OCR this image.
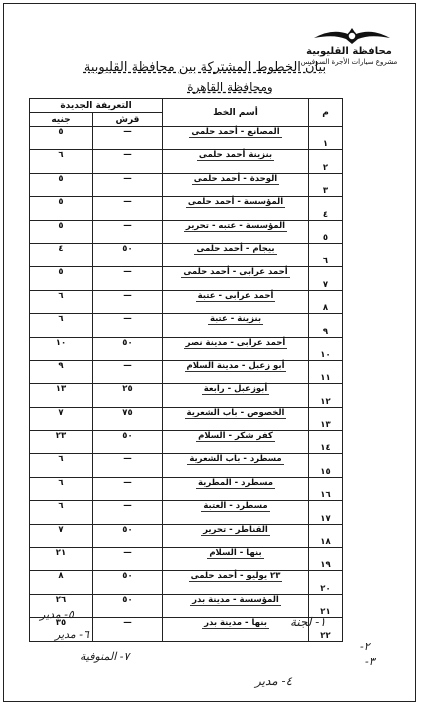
محافظة القليوبية
مشروع سيارات الأجرة السرفيس
بيان الخطوط المشتركة بين محافظة القليوبية
ومحافظة القاهرة
م	أسم الخط	التعريفة الجديدة	
		قرش	جنيه
١	المصانع - أحمد حلمى	—	٥
٢	بنزينة أحمد حلمى	—	٦
٣	الوحدة - أحمد حلمى	—	٥
٤	المؤسسة - أحمد حلمى	—	٥
٥	المؤسسة - عتبه - تحرير	—	٥
٦	بيجام - أحمد حلمى	٥٠	٤
٧	أحمد عرابى - أحمد حلمى	—	٥
٨	أحمد عرابى - عتبة	—	٦
٩	بنزينة - عتبة	—	٦
١٠	أحمد عرابى - مدينة نصر	٥٠	١٠
١١	أبو زعبل - مدينة السلام	—	٩
١٢	أبوزعبل - رابعة	٢٥	١٣
١٣	الخصوص - باب الشعرية	٧٥	٧
١٤	كفر شكر - السلام	٥٠	٢٣
١٥	مسطرد - باب الشعرية	—	٦
١٦	مسطرد - المطرية	—	٦
١٧	مسطرد - العتبة	—	٦
١٨	القناطر - تحرير	٥٠	٧
١٩	بنها - السلام	—	٢١
٢٠	٢٣ يوليو - أحمد حلمى	٥٠	٨
٢١	المؤسسة - مدينة بدر	٥٠	٢٦
٢٢	بنها - مدينة بدر	—	٣٥
٥- مدير
٦- مدير
٧- المنوفية
١- لجنة
٢-
٣-
٤- مدير
